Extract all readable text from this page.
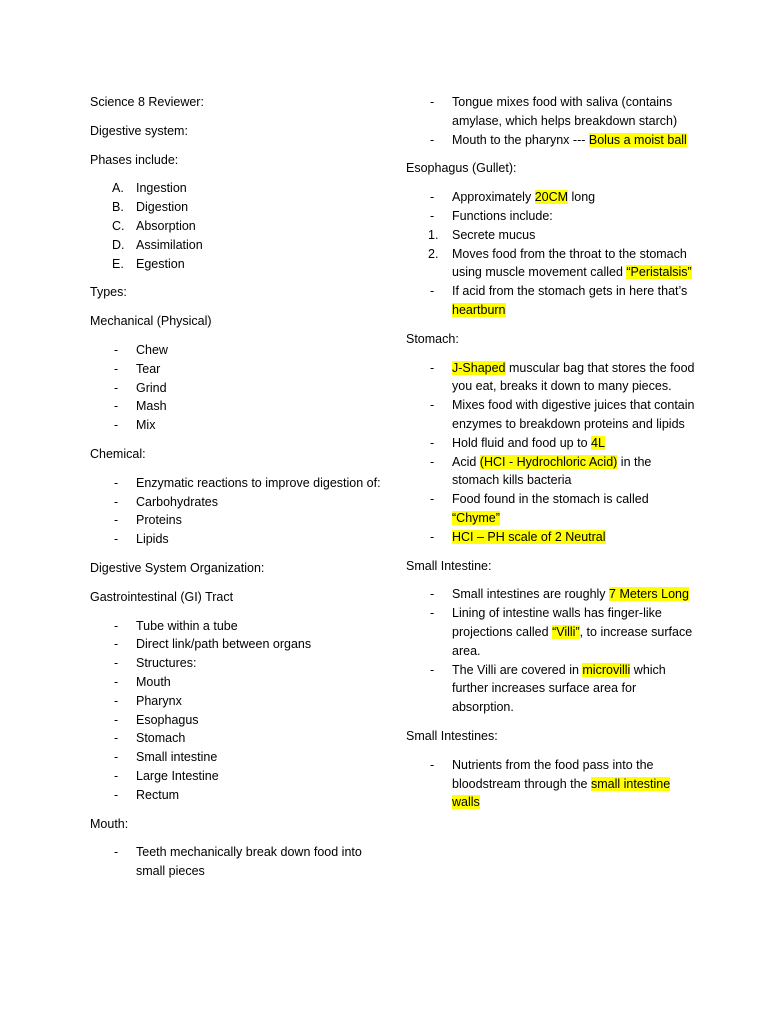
Science 8 Reviewer:

Digestive system:

Phases include:

A. Ingestion
B. Digestion
C. Absorption
D. Assimilation
E. Egestion

Types:

Mechanical (Physical)

- Chew
- Tear
- Grind
- Mash
- Mix

Chemical:

- Enzymatic reactions to improve digestion of:
- Carbohydrates
- Proteins
- Lipids

Digestive System Organization:

Gastrointestinal (GI) Tract

- Tube within a tube
- Direct link/path between organs
- Structures:
- Mouth
- Pharynx
- Esophagus
- Stomach
- Small intestine
- Large Intestine
- Rectum

Mouth:

- Teeth mechanically break down food into small pieces
- Tongue mixes food with saliva (contains amylase, which helps breakdown starch)
- Mouth to the pharynx --- Bolus a moist ball

Esophagus (Gullet):

- Approximately 20CM long
- Functions include:
1. Secrete mucus
2. Moves food from the throat to the stomach using muscle movement called “Peristalsis”
- If acid from the stomach gets in here that’s heartburn

Stomach:

- J-Shaped muscular bag that stores the food you eat, breaks it down to many pieces.
- Mixes food with digestive juices that contain enzymes to breakdown proteins and lipids
- Hold fluid and food up to 4L
- Acid (HCI - Hydrochloric Acid) in the stomach kills bacteria
- Food found in the stomach is called “Chyme”
- HCI – PH scale of 2 Neutral

Small Intestine:

- Small intestines are roughly 7 Meters Long
- Lining of intestine walls has finger-like projections called “Villi”, to increase surface area.
- The Villi are covered in microvilli which further increases surface area for absorption.

Small Intestines:

- Nutrients from the food pass into the bloodstream through the small intestine walls
